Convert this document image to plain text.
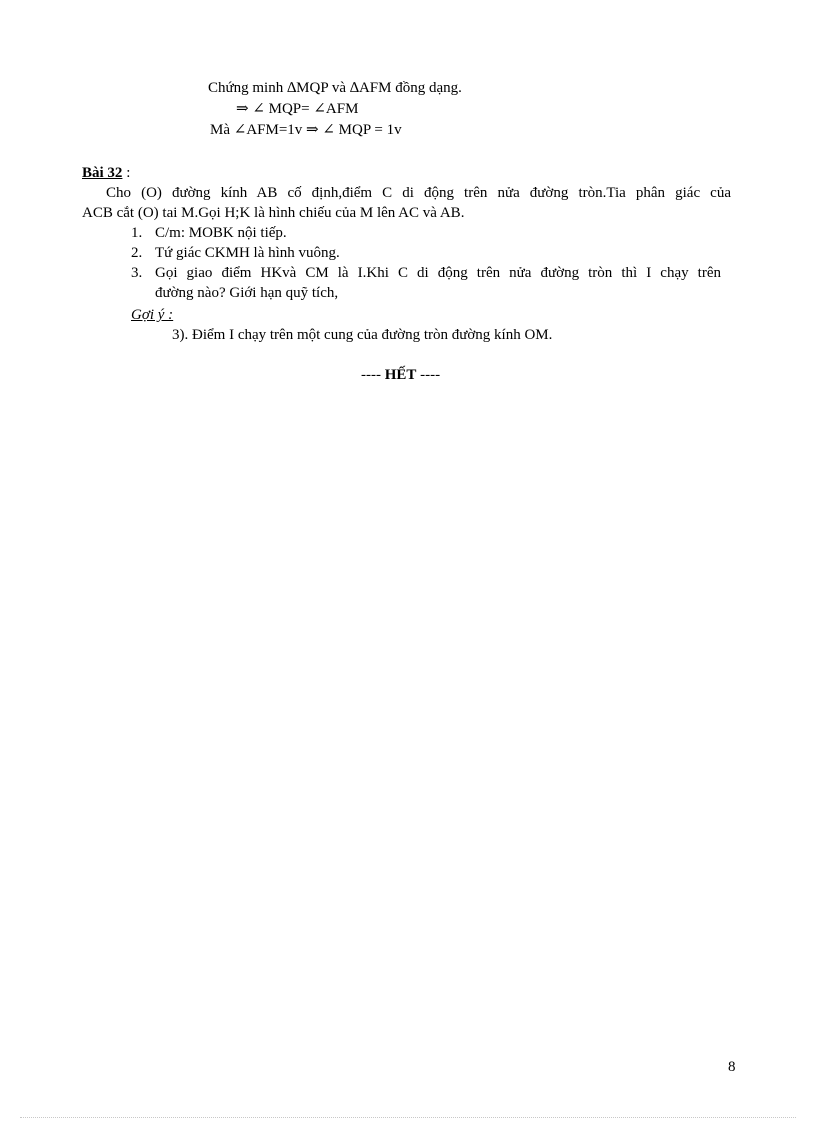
Chứng minh ∆MQP và ∆AFM đồng dạng.
⇒ ∠ MQP= ∠AFM
Mà ∠AFM=1v ⇒ ∠ MQP = 1v
Bài 32 :
Cho (O) đường kính AB cố định,điểm C di động trên nửa đường tròn.Tia phân giác của
ACB cắt (O) tai M.Gọi H;K là hình chiếu của M lên AC và AB.
1. C/m: MOBK nội tiếp.
2. Tứ giác CKMH là hình vuông.
3. Gọi giao điểm HKvà CM là I.Khi C di động trên nửa đường tròn thì I chạy trên
đường nào? Giới hạn quỹ tích,
Gợi ý :
3). Điểm I chạy trên một cung của đường tròn đường kính OM.
---- HẾT ----
8
